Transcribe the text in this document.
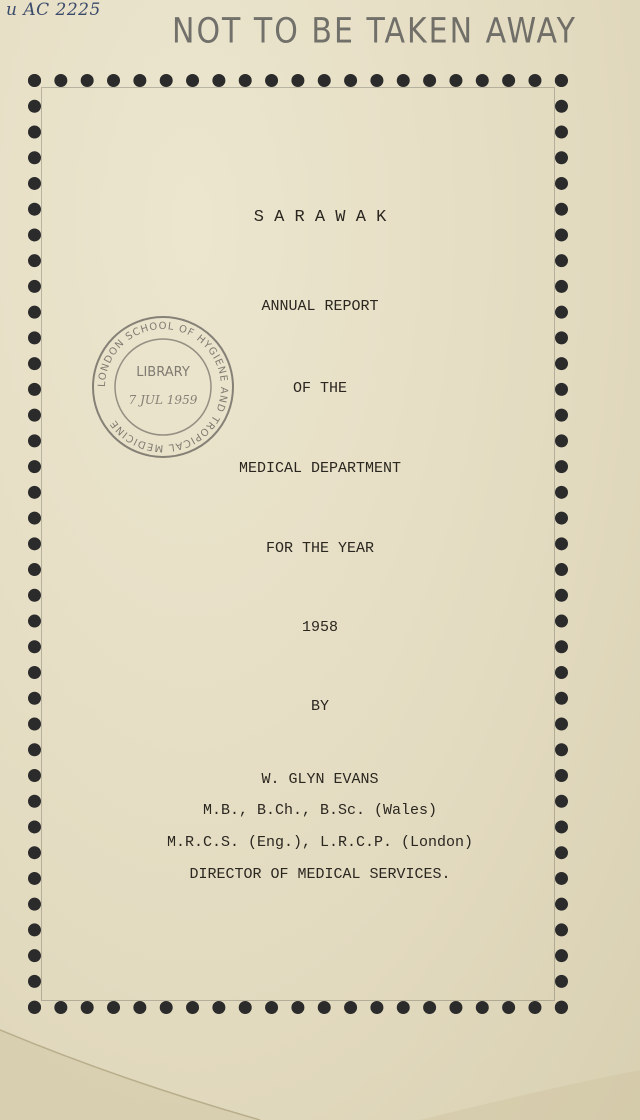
u AC 2225
NOT TO BE TAKEN AWAY
S A R A W A K
ANNUAL REPORT
OF THE
MEDICAL DEPARTMENT
FOR THE YEAR
1958
BY
W. GLYN EVANS
M.B., B.Ch., B.Sc. (Wales)
M.R.C.S. (Eng.), L.R.C.P. (London)
DIRECTOR OF MEDICAL SERVICES.
LONDON SCHOOL OF HYGIENE AND TROPICAL MEDICINE
LIBRARY
7 JUL 1959
